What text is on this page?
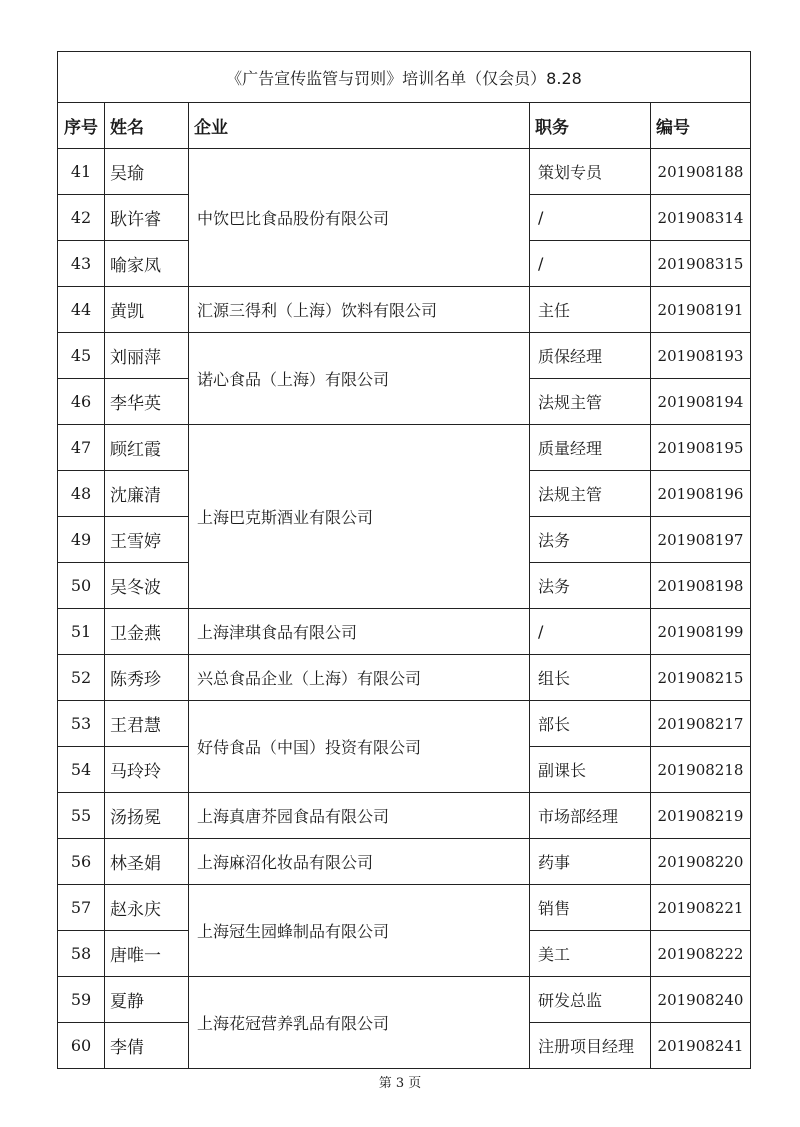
《广告宣传监管与罚则》培训名单（仅会员）8.28				
序号	姓名	企业	职务	编号
41	吴瑜	中饮巴比食品股份有限公司	策划专员	201908188
42	耿许睿		/	201908314
43	喻家凤		/	201908315
44	黄凯	汇源三得利（上海）饮料有限公司	主任	201908191
45	刘丽萍	诺心食品（上海）有限公司	质保经理	201908193
46	李华英		法规主管	201908194
47	顾红霞	上海巴克斯酒业有限公司	质量经理	201908195
48	沈廉清		法规主管	201908196
49	王雪婷		法务	201908197
50	吴冬波		法务	201908198
51	卫金燕	上海津琪食品有限公司	/	201908199
52	陈秀珍	兴总食品企业（上海）有限公司	组长	201908215
53	王君慧	好侍食品（中国）投资有限公司	部长	201908217
54	马玲玲		副课长	201908218
55	汤扬冕	上海真唐芥园食品有限公司	市场部经理	201908219
56	林圣娟	上海麻沼化妆品有限公司	药事	201908220
57	赵永庆	上海冠生园蜂制品有限公司	销售	201908221
58	唐唯一		美工	201908222
59	夏静	上海花冠营养乳品有限公司	研发总监	201908240
60	李倩		注册项目经理	201908241
第 3 页
